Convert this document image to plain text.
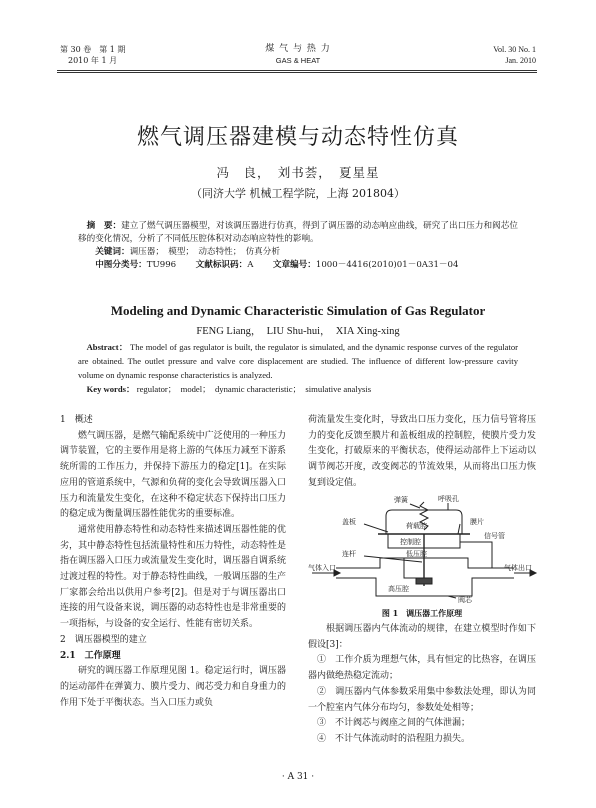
第 30 卷　第 1 期
2010 年 1 月
煤 气 与 热 力
GAS & HEAT
Vol. 30 No. 1
Jan. 2010
燃气调压器建模与动态特性仿真
冯　良，　刘书荟，　夏星星
（同济大学 机械工程学院，上海 201804）
摘　要：建立了燃气调压器模型，对该调压器进行仿真，得到了调压器的动态响应曲线，研究了出口压力和阀芯位移的变化情况，分析了不同低压腔体积对动态响应特性的影响。
关键词：调压器；　模型；　动态特性；　仿真分析
中图分类号：TU996 文献标识码：A 文章编号：1000－4416(2010)01－0A31－04
Modeling and Dynamic Characteristic Simulation of Gas Regulator
FENG Liang，　LIU Shu-hui，　XIA Xing-xing
Abstract： The model of gas regulator is built, the regulator is simulated, and the dynamic response curves of the regulator are obtained. The outlet pressure and valve core displacement are studied. The influence of different low-pressure cavity volume on dynamic response characteristics is analyzed.
Key words： regulator；　model；　dynamic characteristic；　simulative analysis

1　概述

燃气调压器，是燃气输配系统中广泛使用的一种压力调节装置，它的主要作用是将上游的气体压力减至下游系统所需的工作压力，并保持下游压力的稳定[1]。在实际应用的管道系统中，气源和负荷的变化会导致调压器入口压力和流量发生变化，在这种不稳定状态下保持出口压力的稳定成为衡量调压器性能优劣的重要标准。

通常使用静态特性和动态特性来描述调压器性能的优劣，其中静态特性包括流量特性和压力特性，动态特性是指在调压器入口压力或流量发生变化时，调压器自调系统过渡过程的特性。对于静态特性曲线，一般调压器的生产厂家都会给出以供用户参考[2]。但是对于与调压器出口连接的用气设备来说，调压器的动态特性也是非常重要的一项指标，与设备的安全运行、性能有密切关系。

2　调压器模型的建立

2.1　工作原理

研究的调压器工作原理见图 1。稳定运行时，调压器的运动部件在弹簧力、膜片受力、阀芯受力和自身重力的作用下处于平衡状态。当入口压力或负

荷流量发生变化时，导致出口压力变化，压力信号管将压力的变化反馈至膜片和盖板组成的控制腔，使膜片受力发生变化，打破原来的平衡状态，使得运动部件上下运动以调节阀芯开度，改变阀芯的节流效果，从而将出口压力恢复到设定值。

弹簧
盖板
呼吸孔
荷载腔	膜片
控制腔
信号管
连杆	低压腔
气体入口	气体出口
高压腔
阀芯
图 1　调压器工作原理

根据调压器内气体流动的规律，在建立模型时作如下假设[3]：

①　工作介质为理想气体，具有恒定的比热容，在调压器内做绝热稳定流动；

②　调压器内气体参数采用集中参数法处理，即认为同一个腔室内气体分布均匀，参数处处相等；

③　不计阀芯与阀座之间的气体泄漏；

④　不计气体流动时的沿程阻力损失。

· A 31 ·
